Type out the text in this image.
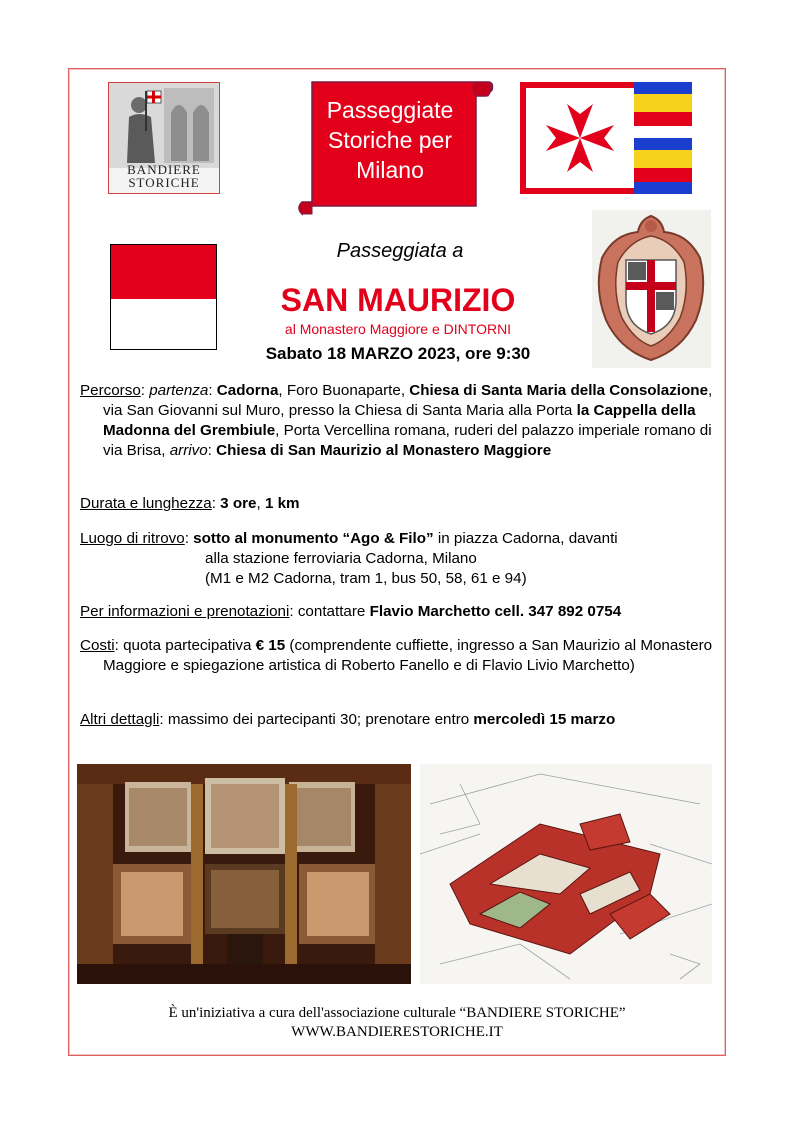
BANDIERE
STORICHE
Passeggiate
Storiche per
Milano
Passeggiata a
SAN MAURIZIO
al Monastero Maggiore e DINTORNI
Sabato 18 MARZO 2023, ore 9:30
Percorso: partenza: Cadorna, Foro Buonaparte, Chiesa di Santa Maria della Consolazione, via San Giovanni sul Muro, presso la Chiesa di Santa Maria alla Porta la Cappella della Madonna del Grembiule, Porta Vercellina romana, ruderi del palazzo imperiale romano di via Brisa, arrivo: Chiesa di San Maurizio al Monastero Maggiore
Durata e lunghezza: 3 ore, 1 km
Luogo di ritrovo: sotto al monumento “Ago & Filo” in piazza Cadorna, davanti
alla stazione ferroviaria Cadorna, Milano
(M1 e M2 Cadorna, tram 1, bus 50, 58, 61 e 94)
Per informazioni e prenotazioni: contattare Flavio Marchetto cell. 347 892 0754
Costi: quota partecipativa € 15 (comprendente cuffiette, ingresso a San Maurizio al Monastero Maggiore e spiegazione artistica di Roberto Fanello e di Flavio Livio Marchetto)
Altri dettagli: massimo dei partecipanti 30; prenotare entro mercoledì 15 marzo
È un'iniziativa a cura dell'associazione culturale “BANDIERE STORICHE”
WWW.BANDIERESTORICHE.IT
